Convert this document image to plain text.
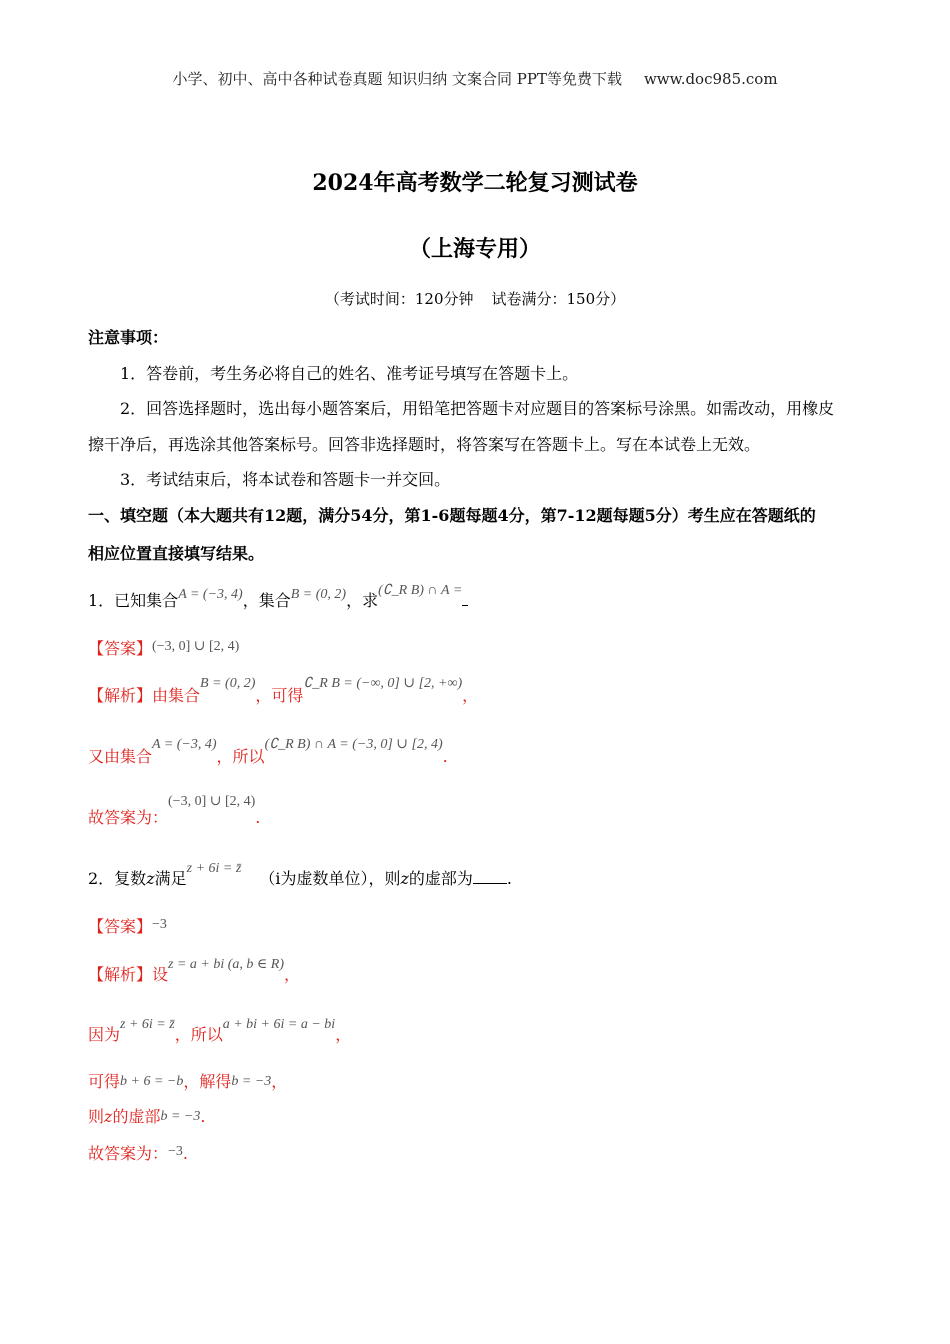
小学、初中、高中各种试卷真题 知识归纳 文案合同 PPT等免费下载 www.doc985.com
2024年高考数学二轮复习测试卷
（上海专用）
（考试时间：120分钟 试卷满分：150分）
注意事项：
1．答卷前，考生务必将自己的姓名、准考证号填写在答题卡上。
2．回答选择题时，选出每小题答案后，用铅笔把答题卡对应题目的答案标号涂黑。如需改动，用橡皮
擦干净后，再选涂其他答案标号。回答非选择题时，将答案写在答题卡上。写在本试卷上无效。
3．考试结束后，将本试卷和答题卡一并交回。
一、填空题（本大题共有12题，满分54分，第1-6题每题4分，第7-12题每题5分）考生应在答题纸的
相应位置直接填写结果。
1．已知集合A = (−3, 4)，集合B = (0, 2)，求(∁_R B) ∩ A =
【答案】(−3, 0] ∪ [2, 4)
【解析】由集合B = (0, 2)，可得∁_R B = (−∞, 0] ∪ [2, +∞)，
又由集合A = (−3, 4)，所以(∁_R B) ∩ A = (−3, 0] ∪ [2, 4).
故答案为：(−3, 0] ∪ [2, 4).
2．复数z满足z + 6i = z̄（i为虚数单位），则z的虚部为 .
【答案】−3
【解析】设z = a + bi (a, b ∈ R)，
因为z + 6i = z̄，所以a + bi + 6i = a − bi，
可得b + 6 = −b，解得b = −3，
则z的虚部b = −3.
故答案为：−3.
